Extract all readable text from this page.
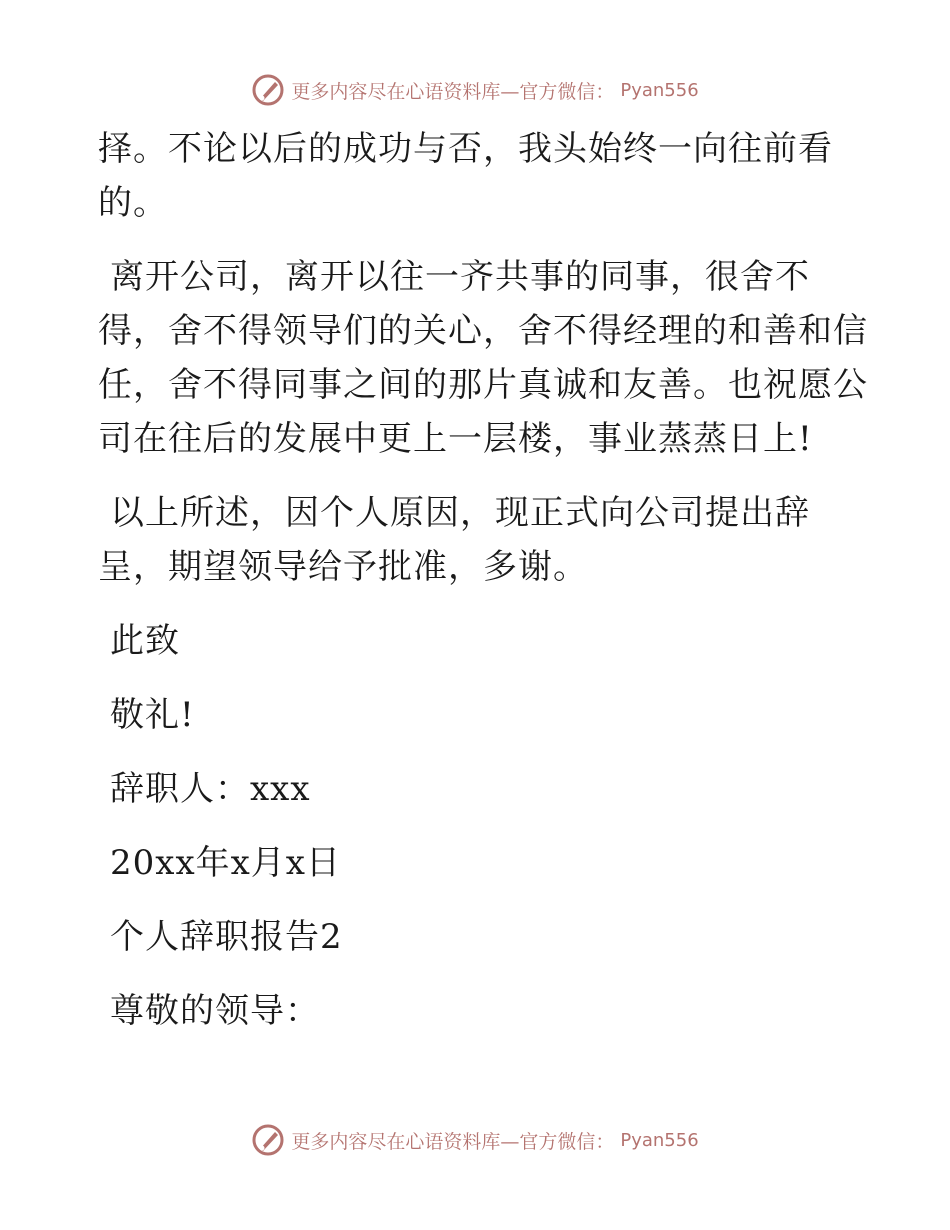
更多内容尽在心语资料库—官方微信： Pyan556
择。不论以后的成功与否，我头始终一向往前看
的。
离开公司，离开以往一齐共事的同事，很舍不
得，舍不得领导们的关心，舍不得经理的和善和信
任，舍不得同事之间的那片真诚和友善。也祝愿公
司在往后的发展中更上一层楼，事业蒸蒸日上!
以上所述，因个人原因，现正式向公司提出辞
呈，期望领导给予批准，多谢。
此致
敬礼!
辞职人：xxx
20xx年x月x日
个人辞职报告2
尊敬的领导：
更多内容尽在心语资料库—官方微信： Pyan556
